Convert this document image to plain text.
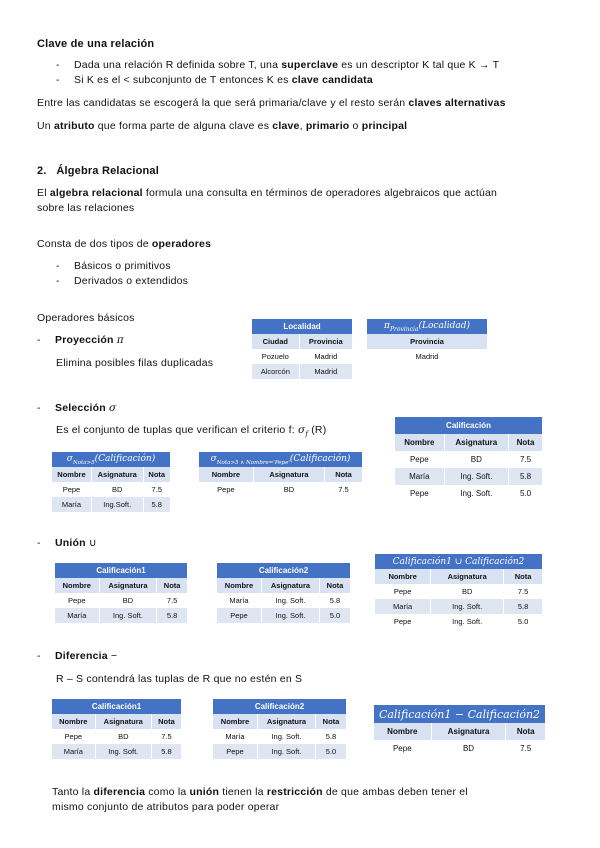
Clave de una relación
- Dada una relación R definida sobre T, una superclave es un descriptor K tal que K → T
- Si K es el < subconjunto de T entonces K es clave candidata
Entre las candidatas se escogerá la que será primaria/clave y el resto serán claves alternativas
Un atributo que forma parte de alguna clave es clave, primario o principal
2. Álgebra Relacional
El algebra relacional formula una consulta en términos de operadores algebraicos que actúan
sobre las relaciones
Consta de dos tipos de operadores
- Básicos o primitivos
- Derivados o extendidos
Operadores básicos
- Proyección π
Elimina posibles filas duplicadas
Localidad	
Ciudad	Provincia
Pozuelo	Madrid
Alcorcón	Madrid
$\pi_{Provincia}(Localidad)$
Provincia
Madrid
- Selección σ
Es el conjunto de tuplas que verifican el criterio f: $\sigma_f$ (R)
$\sigma_{Nota>5}(Calificación)$		
Nombre	Asignatura	Nota
Pepe	BD	7.5
María	Ing.Soft.	5.8
$\sigma_{Nota>5 \wedge Nombre='Pepe'}(Calificación)$		
Nombre	Asignatura	Nota
Pepe	BD	7.5
Calificación		
Nombre	Asignatura	Nota
Pepe	BD	7.5
María	Ing. Soft.	5.8
Pepe	Ing. Soft.	5.0
- Unión ∪
Calificación1		
Nombre	Asignatura	Nota
Pepe	BD	7.5
María	Ing. Soft.	5.8
Calificación2		
Nombre	Asignatura	Nota
María	Ing. Soft.	5.8
Pepe	Ing. Soft.	5.0
Calificación1 ∪ Calificación2		
Nombre	Asignatura	Nota
Pepe	BD	7.5
María	Ing. Soft.	5.8
Pepe	Ing. Soft.	5.0
- Diferencia −
R – S contendrá las tuplas de R que no estén en S
Calificación1		
Nombre	Asignatura	Nota
Pepe	BD	7.5
María	Ing. Soft.	5.8
Calificación2		
Nombre	Asignatura	Nota
María	Ing. Soft.	5.8
Pepe	Ing. Soft.	5.0
Calificación1 − Calificación2		
Nombre	Asignatura	Nota
Pepe	BD	7.5
Tanto la diferencia como la unión tienen la restricción de que ambas deben tener el
mismo conjunto de atributos para poder operar
